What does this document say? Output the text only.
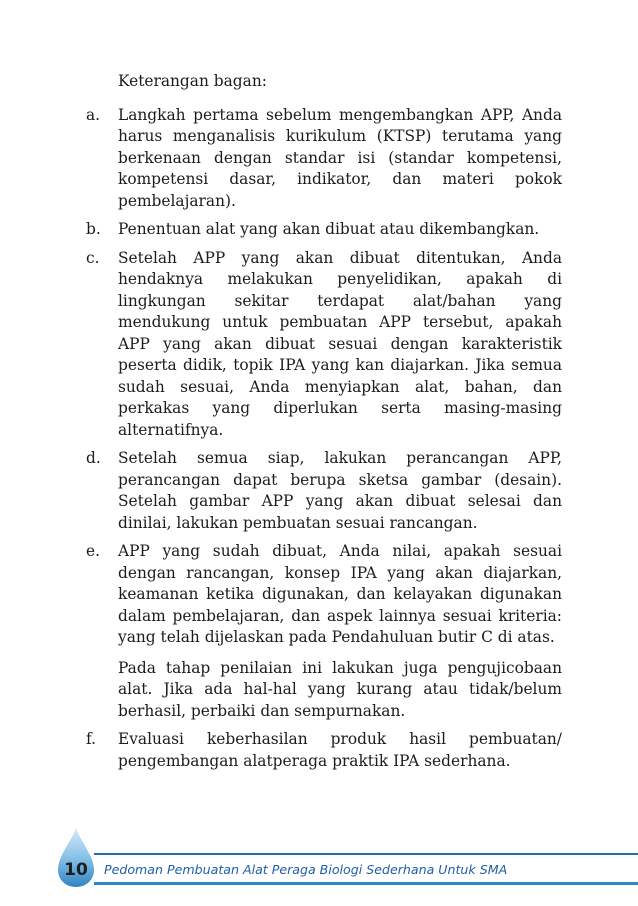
Keterangan bagan:

a.	Langkah pertama sebelum mengembangkan APP, Anda harus menganalisis kurikulum (KTSP) terutama yang berkenaan dengan standar isi (standar kompetensi, kompetensi dasar, indikator, dan materi pokok pembelajaran).

b.	Penentuan alat yang akan dibuat atau dikembangkan.

c.	Setelah APP yang akan dibuat ditentukan, Anda hendaknya melakukan penyelidikan, apakah di lingkungan sekitar terdapat alat/bahan yang mendukung untuk pembuatan APP tersebut, apakah APP yang akan dibuat sesuai dengan karakteristik peserta didik, topik IPA yang kan diajarkan. Jika semua sudah sesuai, Anda menyiapkan alat, bahan, dan perkakas yang diperlukan serta masing-masing alternatifnya.

d.	Setelah semua siap, lakukan perancangan APP, perancangan dapat berupa sketsa gambar (desain). Setelah gambar APP yang akan dibuat selesai dan dinilai, lakukan pembuatan sesuai rancangan.

e.	APP yang sudah dibuat, Anda nilai, apakah sesuai dengan rancangan, konsep IPA yang akan diajarkan, keamanan ketika digunakan, dan kelayakan digunakan dalam pembelajaran, dan aspek lainnya sesuai kriteria: yang telah dijelaskan pada Pendahuluan butir C di atas.

Pada tahap penilaian ini lakukan juga pengujicobaan alat. Jika ada hal-hal yang kurang atau tidak/belum berhasil, perbaiki dan sempurnakan.

f.	Evaluasi keberhasilan produk hasil pembuatan/ pengembangan alatperaga praktik IPA sederhana.

10	Pedoman Pembuatan Alat Peraga Biologi Sederhana Untuk SMA
